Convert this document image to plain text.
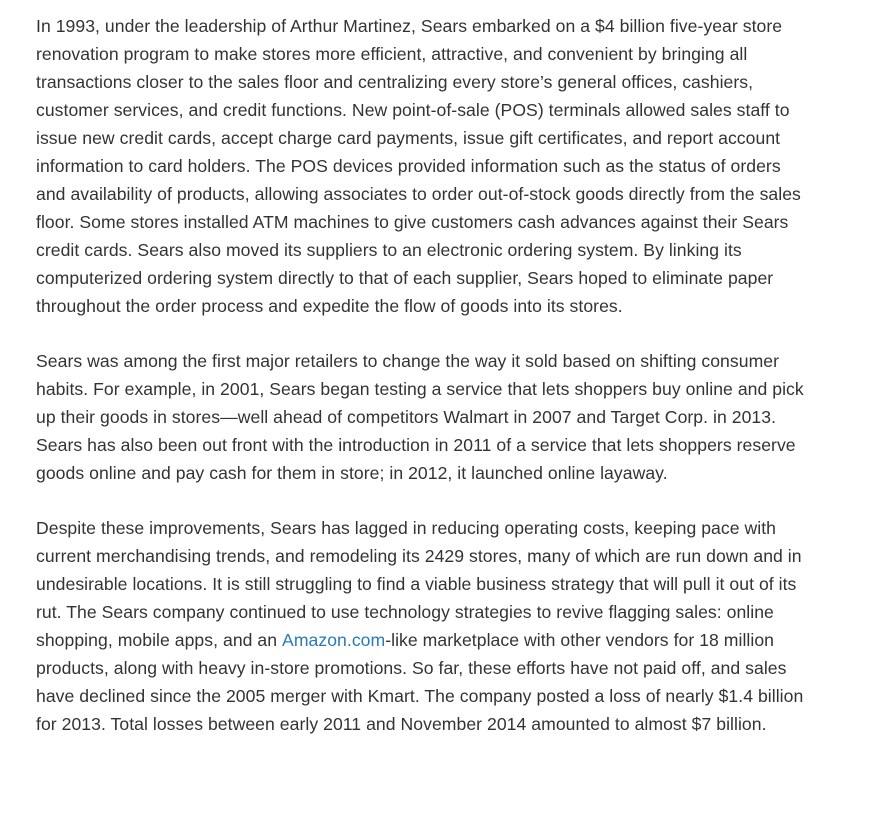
In 1993, under the leadership of Arthur Martinez, Sears embarked on a $4 billion five-year store renovation program to make stores more efficient, attractive, and convenient by bringing all transactions closer to the sales floor and centralizing every store’s general offices, cashiers, customer services, and credit functions. New point-of-sale (POS) terminals allowed sales staff to issue new credit cards, accept charge card payments, issue gift certificates, and report account information to card holders. The POS devices provided information such as the status of orders and availability of products, allowing associates to order out-of-stock goods directly from the sales floor. Some stores installed ATM machines to give customers cash advances against their Sears credit cards. Sears also moved its suppliers to an electronic ordering system. By linking its computerized ordering system directly to that of each supplier, Sears hoped to eliminate paper throughout the order process and expedite the flow of goods into its stores.

Sears was among the first major retailers to change the way it sold based on shifting consumer habits. For example, in 2001, Sears began testing a service that lets shoppers buy online and pick up their goods in stores—well ahead of competitors Walmart in 2007 and Target Corp. in 2013. Sears has also been out front with the introduction in 2011 of a service that lets shoppers reserve goods online and pay cash for them in store; in 2012, it launched online layaway.

Despite these improvements, Sears has lagged in reducing operating costs, keeping pace with current merchandising trends, and remodeling its 2429 stores, many of which are run down and in undesirable locations. It is still struggling to find a viable business strategy that will pull it out of its rut. The Sears company continued to use technology strategies to revive flagging sales: online shopping, mobile apps, and an Amazon.com-like marketplace with other vendors for 18 million products, along with heavy in-store promotions. So far, these efforts have not paid off, and sales have declined since the 2005 merger with Kmart. The company posted a loss of nearly $1.4 billion for 2013. Total losses between early 2011 and November 2014 amounted to almost $7 billion.
